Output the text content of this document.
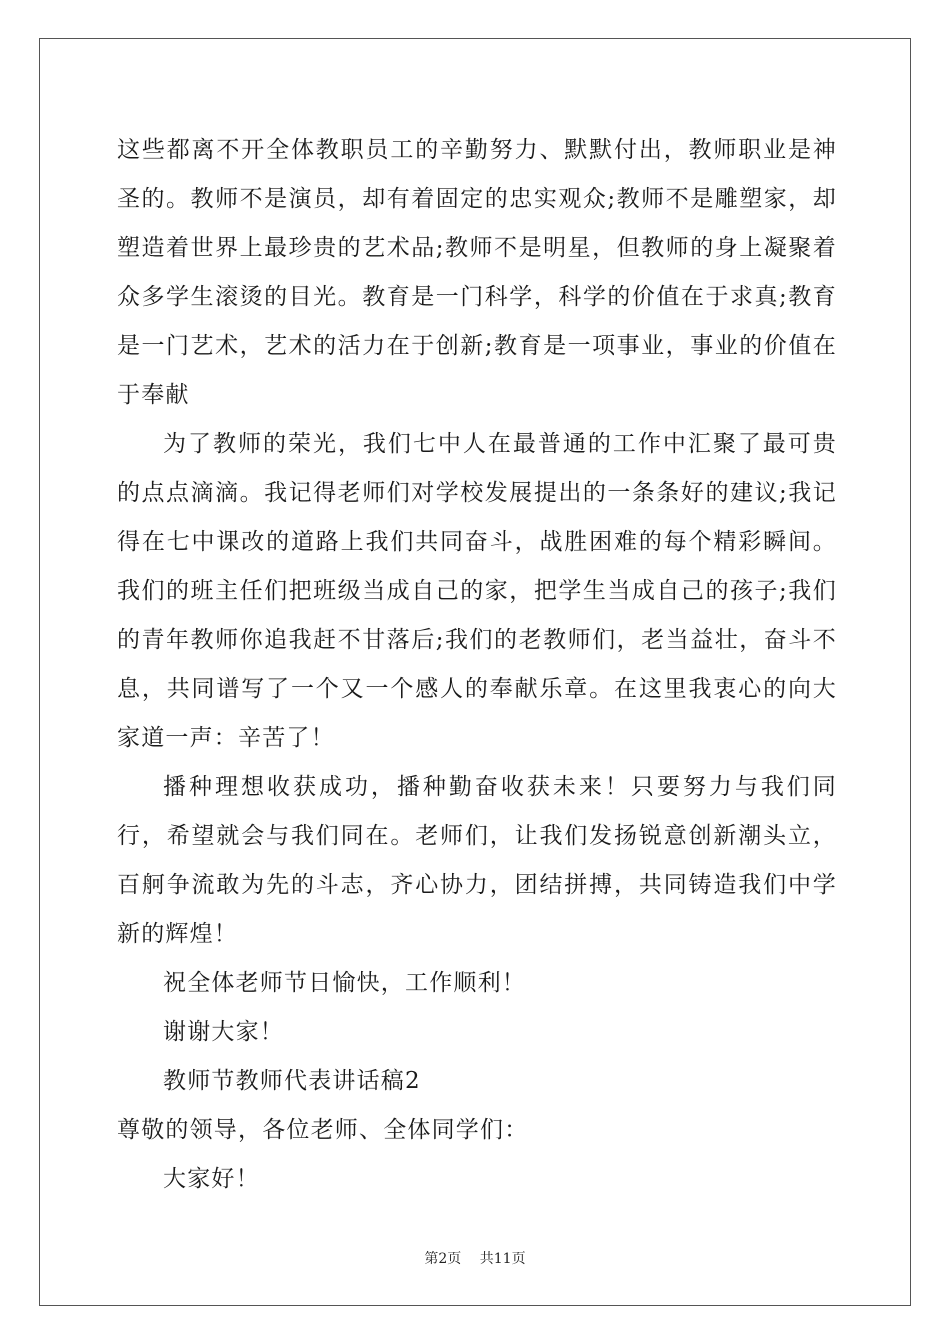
这些都离不开全体教职员工的辛勤努力、默默付出，教师职业是神圣的。教师不是演员，却有着固定的忠实观众;教师不是雕塑家，却塑造着世界上最珍贵的艺术品;教师不是明星，但教师的身上凝聚着众多学生滚烫的目光。教育是一门科学，科学的价值在于求真;教育是一门艺术，艺术的活力在于创新;教育是一项事业，事业的价值在于奉献

为了教师的荣光，我们七中人在最普通的工作中汇聚了最可贵的点点滴滴。我记得老师们对学校发展提出的一条条好的建议;我记得在七中课改的道路上我们共同奋斗，战胜困难的每个精彩瞬间。我们的班主任们把班级当成自己的家，把学生当成自己的孩子;我们的青年教师你追我赶不甘落后;我们的老教师们，老当益壮，奋斗不息，共同谱写了一个又一个感人的奉献乐章。在这里我衷心的向大家道一声：辛苦了！

播种理想收获成功，播种勤奋收获未来！只要努力与我们同行，希望就会与我们同在。老师们，让我们发扬锐意创新潮头立，百舸争流敢为先的斗志，齐心协力，团结拼搏，共同铸造我们中学新的辉煌！

祝全体老师节日愉快，工作顺利！

谢谢大家！

教师节教师代表讲话稿2

尊敬的领导，各位老师、全体同学们：

大家好！

第2页 共11页
